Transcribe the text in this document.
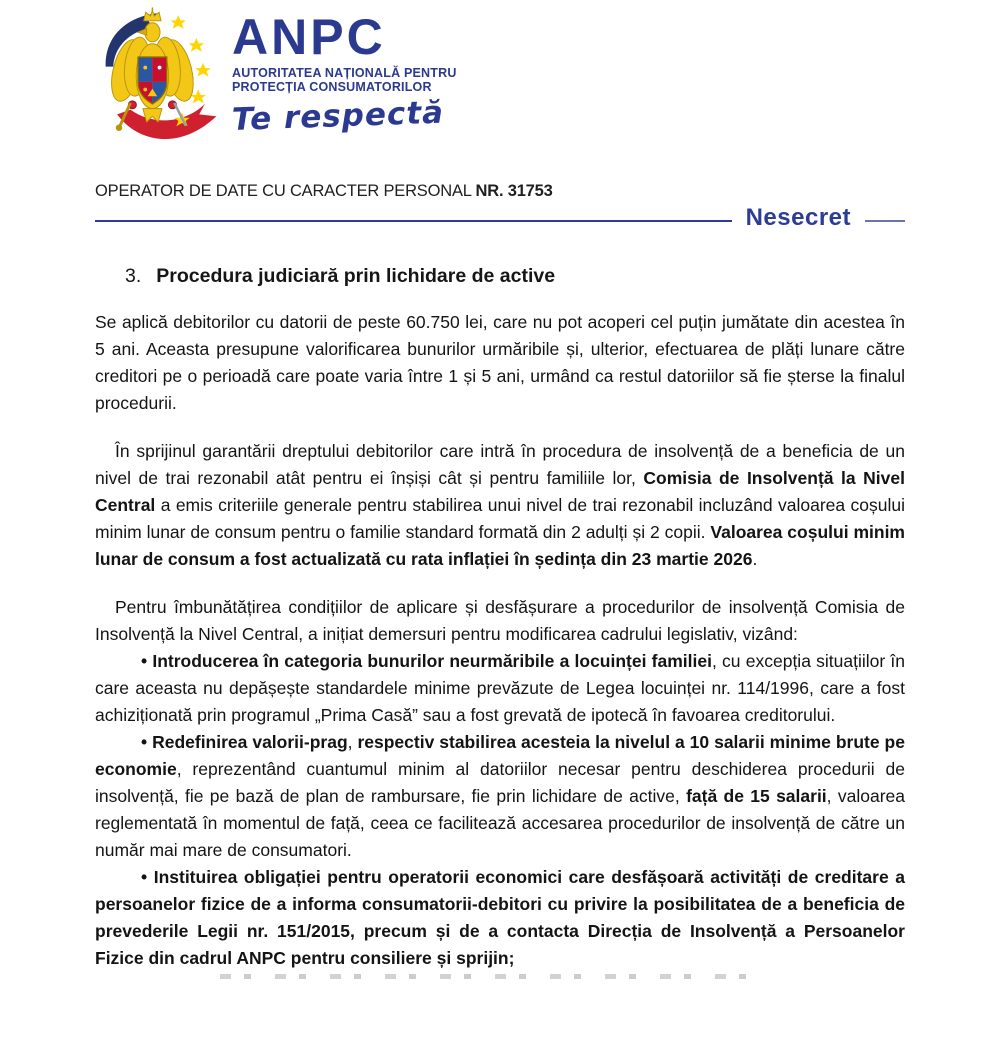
ANPC
AUTORITATEA NAȚIONALĂ PENTRU
PROTECȚIA CONSUMATORILOR
Te respectă
OPERATOR DE DATE CU CARACTER PERSONAL NR. 31753
Nesecret
3. Procedura judiciară prin lichidare de active

Se aplică debitorilor cu datorii de peste 60.750 lei, care nu pot acoperi cel puțin jumătate din acestea în 5 ani. Aceasta presupune valorificarea bunurilor urmăribile și, ulterior, efectuarea de plăți lunare către creditori pe o perioadă care poate varia între 1 și 5 ani, urmând ca restul datoriilor să fie șterse la finalul procedurii.

În sprijinul garantării dreptului debitorilor care intră în procedura de insolvență de a beneficia de un nivel de trai rezonabil atât pentru ei înșiși cât și pentru familiile lor, Comisia de Insolvență la Nivel Central a emis criteriile generale pentru stabilirea unui nivel de trai rezonabil incluzând valoarea coșului minim lunar de consum pentru o familie standard formată din 2 adulți și 2 copii. Valoarea coșului minim lunar de consum a fost actualizată cu rata inflației în ședința din 23 martie 2026.

Pentru îmbunătățirea condițiilor de aplicare și desfășurare a procedurilor de insolvență Comisia de Insolvență la Nivel Central, a inițiat demersuri pentru modificarea cadrului legislativ, vizând:

• Introducerea în categoria bunurilor neurmăribile a locuinței familiei, cu excepția situațiilor în care aceasta nu depășește standardele minime prevăzute de Legea locuinței nr. 114/1996, care a fost achiziționată prin programul „Prima Casă” sau a fost grevată de ipotecă în favoarea creditorului.

• Redefinirea valorii-prag, respectiv stabilirea acesteia la nivelul a 10 salarii minime brute pe economie, reprezentând cuantumul minim al datoriilor necesar pentru deschiderea procedurii de insolvență, fie pe bază de plan de rambursare, fie prin lichidare de active, față de 15 salarii, valoarea reglementată în momentul de față, ceea ce facilitează accesarea procedurilor de insolvență de către un număr mai mare de consumatori.

• Instituirea obligației pentru operatorii economici care desfășoară activități de creditare a persoanelor fizice de a informa consumatorii-debitori cu privire la posibilitatea de a beneficia de prevederile Legii nr. 151/2015, precum și de a contacta Direcția de Insolvență a Persoanelor Fizice din cadrul ANPC pentru consiliere și sprijin;
